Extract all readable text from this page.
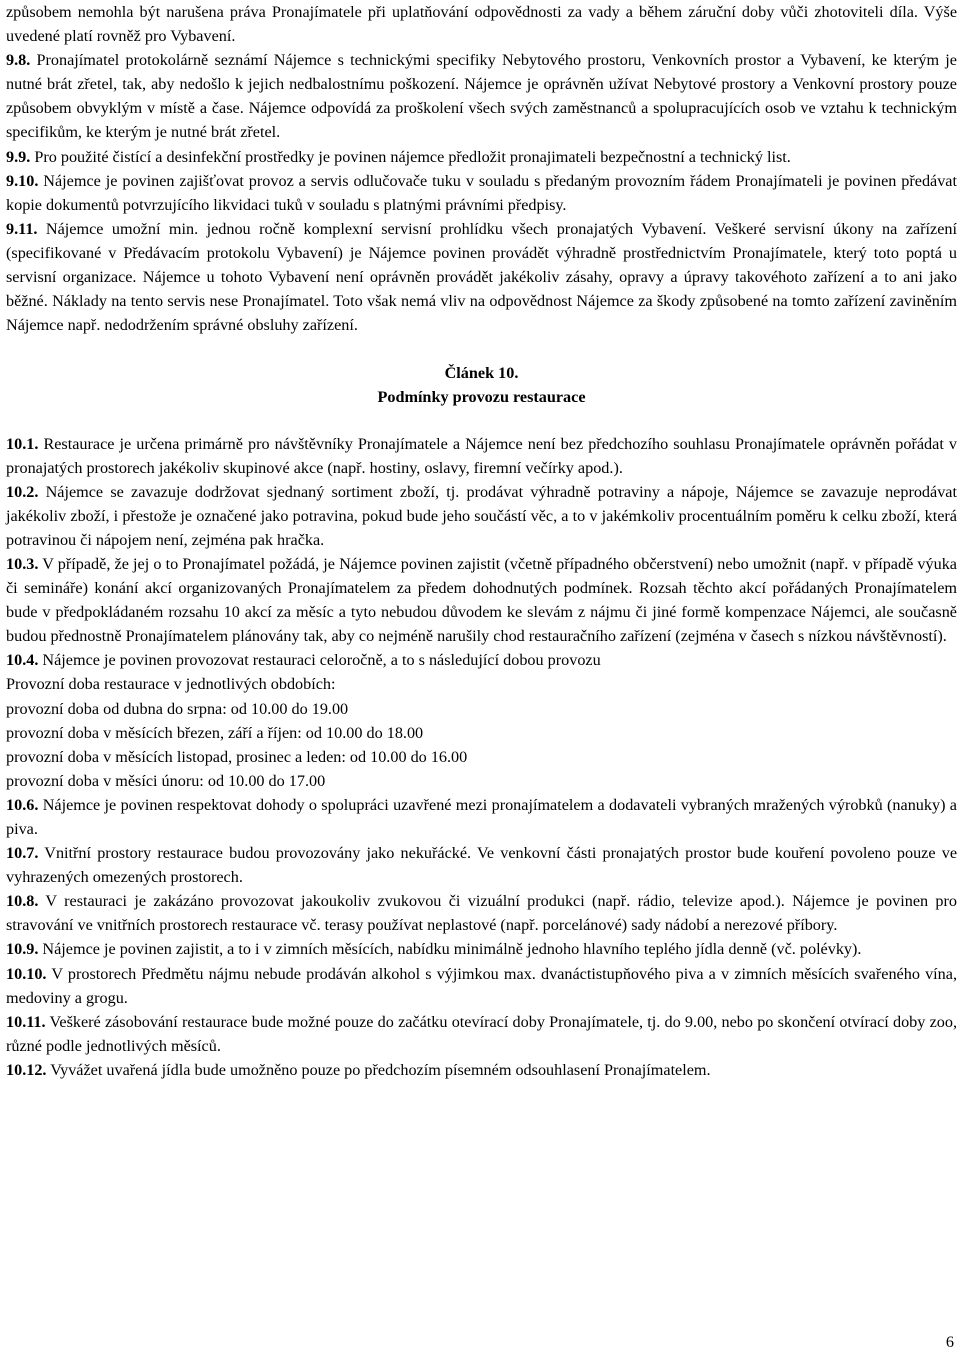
způsobem nemohla být narušena práva Pronajímatele při uplatňování odpovědnosti za vady a během záruční doby vůči zhotoviteli díla. Výše uvedené platí rovněž pro Vybavení.

9.8. Pronajímatel protokolárně seznámí Nájemce s technickými specifiky Nebytového prostoru, Venkovních prostor a Vybavení, ke kterým je nutné brát zřetel, tak, aby nedošlo k jejich nedbalostnímu poškození. Nájemce je oprávněn užívat Nebytové prostory a Venkovní prostory pouze způsobem obvyklým v místě a čase. Nájemce odpovídá za proškolení všech svých zaměstnanců a spolupracujících osob ve vztahu k technickým specifikům, ke kterým je nutné brát zřetel.

9.9. Pro použité čistící a desinfekční prostředky je povinen nájemce předložit pronajimateli bezpečnostní a technický list.

9.10. Nájemce je povinen zajišťovat provoz a servis odlučovače tuku v souladu s předaným provozním řádem Pronajímateli je povinen předávat kopie dokumentů potvrzujícího likvidaci tuků v souladu s platnými právními předpisy.

9.11. Nájemce umožní min. jednou ročně komplexní servisní prohlídku všech pronajatých Vybavení. Veškeré servisní úkony na zařízení (specifikované v Předávacím protokolu Vybavení) je Nájemce povinen provádět výhradně prostřednictvím Pronajímatele, který toto poptá u servisní organizace. Nájemce u tohoto Vybavení není oprávněn provádět jakékoliv zásahy, opravy a úpravy takovéhoto zařízení a to ani jako běžné. Náklady na tento servis nese Pronajímatel. Toto však nemá vliv na odpovědnost Nájemce za škody způsobené na tomto zařízení zaviněním Nájemce např. nedodržením správné obsluhy zařízení.

Článek 10.

Podmínky provozu restaurace

10.1. Restaurace je určena primárně pro návštěvníky Pronajímatele a Nájemce není bez předchozího souhlasu Pronajímatele oprávněn pořádat v pronajatých prostorech jakékoliv skupinové akce (např. hostiny, oslavy, firemní večírky apod.).

10.2. Nájemce se zavazuje dodržovat sjednaný sortiment zboží, tj. prodávat výhradně potraviny a nápoje, Nájemce se zavazuje neprodávat jakékoliv zboží, i přestože je označené jako potravina, pokud bude jeho součástí věc, a to v jakémkoliv procentuálním poměru k celku zboží, která potravinou či nápojem není, zejména pak hračka.

10.3. V případě, že jej o to Pronajímatel požádá, je Nájemce povinen zajistit (včetně případného občerstvení) nebo umožnit (např. v případě výuka či semináře) konání akcí organizovaných Pronajímatelem za předem dohodnutých podmínek. Rozsah těchto akcí pořádaných Pronajímatelem bude v předpokládaném rozsahu 10 akcí za měsíc a tyto nebudou důvodem ke slevám z nájmu či jiné formě kompenzace Nájemci, ale současně budou přednostně Pronajímatelem plánovány tak, aby co nejméně narušily chod restauračního zařízení (zejména v časech s nízkou návštěvností).

10.4. Nájemce je povinen provozovat restauraci celoročně, a to s následující dobou provozu

Provozní doba restaurace v jednotlivých obdobích:

provozní doba od dubna do srpna: od 10.00 do 19.00

provozní doba v měsících březen, září a říjen: od 10.00 do 18.00

provozní doba v měsících listopad, prosinec a leden: od 10.00 do 16.00

provozní doba v měsíci únoru: od 10.00 do 17.00

10.6. Nájemce je povinen respektovat dohody o spolupráci uzavřené mezi pronajímatelem a dodavateli vybraných mražených výrobků (nanuky) a piva.

10.7. Vnitřní prostory restaurace budou provozovány jako nekuřácké. Ve venkovní části pronajatých prostor bude kouření povoleno pouze ve vyhrazených omezených prostorech.

10.8. V restauraci je zakázáno provozovat jakoukoliv zvukovou či vizuální produkci (např. rádio, televize apod.). Nájemce je povinen pro stravování ve vnitřních prostorech restaurace vč. terasy používat neplastové (např. porcelánové) sady nádobí a nerezové příbory.

10.9. Nájemce je povinen zajistit, a to i v zimních měsících, nabídku minimálně jednoho hlavního teplého jídla denně (vč. polévky).

10.10. V prostorech Předmětu nájmu nebude prodáván alkohol s výjimkou max. dvanáctistupňového piva a v zimních měsících svařeného vína, medoviny a grogu.

10.11. Veškeré zásobování restaurace bude možné pouze do začátku otevírací doby Pronajímatele, tj. do 9.00, nebo po skončení otvírací doby zoo, různé podle jednotlivých měsíců.

10.12. Vyvážet uvařená jídla bude umožněno pouze po předchozím písemném odsouhlasení Pronajímatelem.

6
